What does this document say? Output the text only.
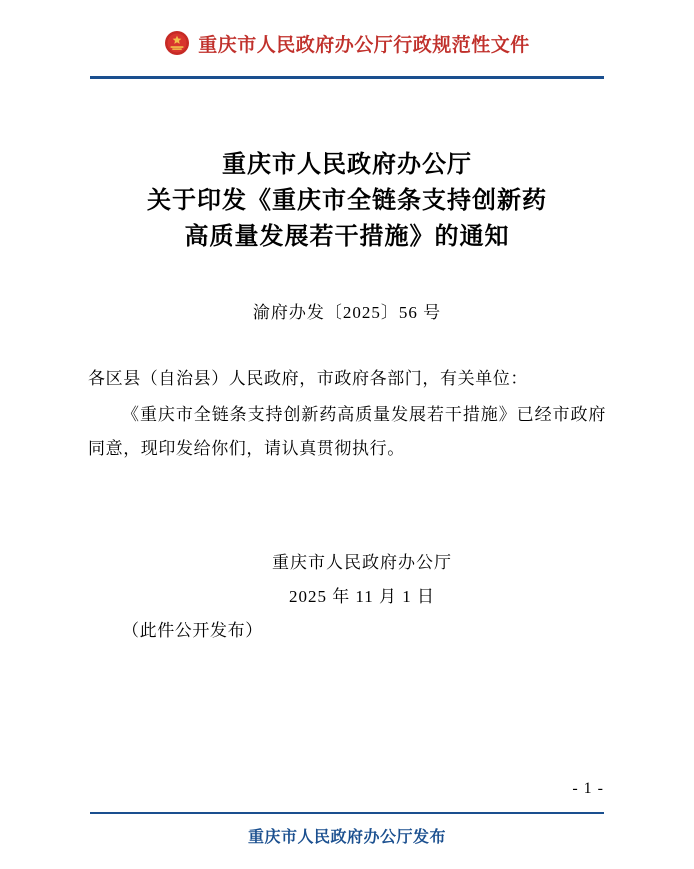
重庆市人民政府办公厅行政规范性文件
重庆市人民政府办公厅
关于印发《重庆市全链条支持创新药
高质量发展若干措施》的通知
渝府办发〔2025〕56 号

各区县（自治县）人民政府，市政府各部门，有关单位：

《重庆市全链条支持创新药高质量发展若干措施》已经市政府同意，现印发给你们，请认真贯彻执行。

重庆市人民政府办公厅
2025 年 11 月 1 日
（此件公开发布）
- 1 -
重庆市人民政府办公厅发布
